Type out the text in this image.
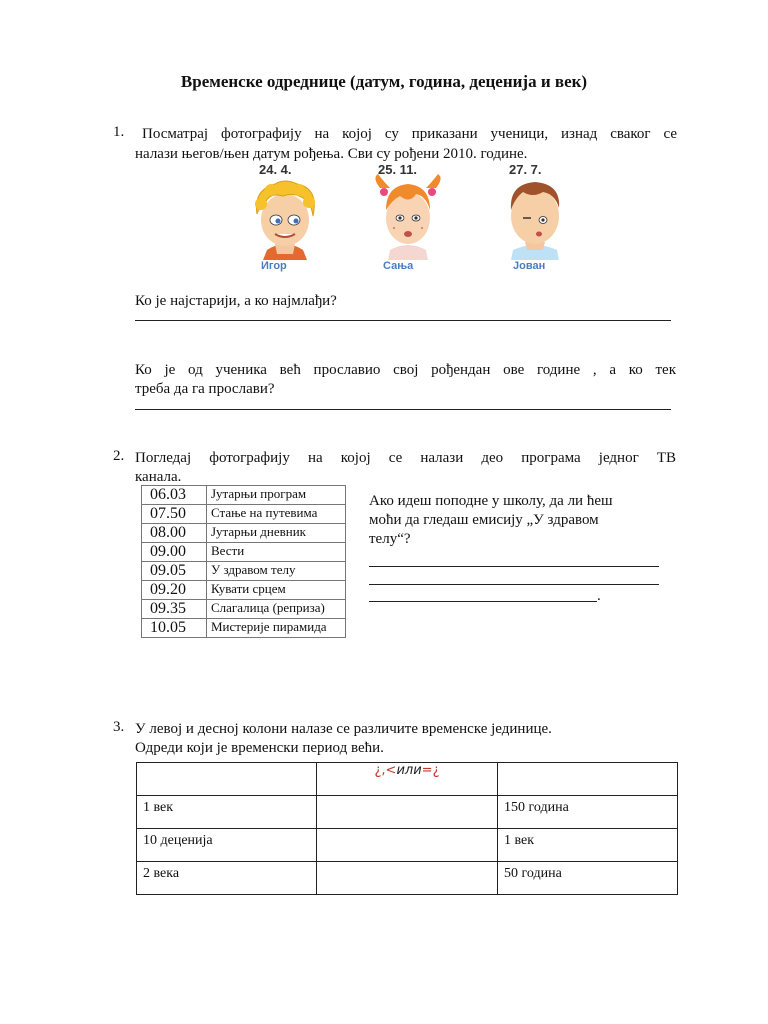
Временске одреднице (датум, година, деценија и век)
1. Посматрај фотографију на којој су приказани ученици, изнад сваког се
налази његов/њен датум рођења. Сви су рођени 2010. године.
24. 4.
Игор
25. 11.
Сања
27. 7.
Јован
Ко је најстарији, а ко најмлађи?
Ко је од ученика већ прославио свој рођендан ове године , а ко тек
треба да га прослави?
2. Погледај фотографију на којој се налази део програма једног ТВ
канала.
06.03	Јутарњи програм
07.50	Стање на путевима
08.00	Јутарњи дневник
09.00	Вести
09.05	У здравом телу
09.20	Кувати срцем
09.35	Слагалица (репризa)
10.05	Мистерије пирамида
Ако идеш поподне у школу, да ли ћеш
моћи да гледаш емисију „У здравом
телу“?
.
3. У левој и десној колони налазе се различите временске јединице.
Одреди који је временски период већи.
	¿,<или=¿	
1 век		150 година
10 деценија		1 век
2 века		50 година
